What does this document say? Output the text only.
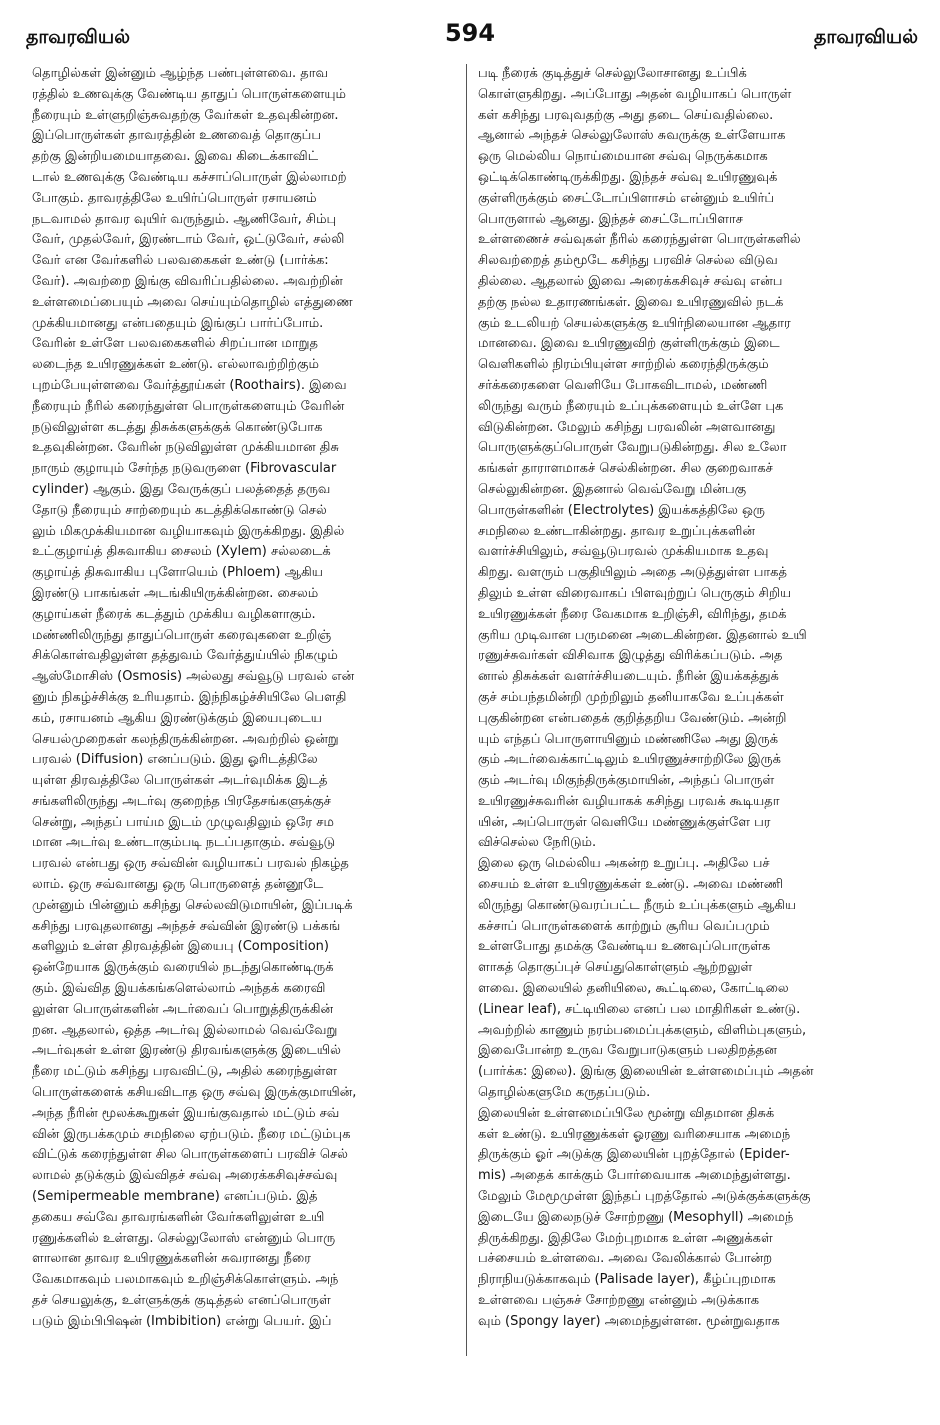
தாவரவியல்	594	தாவரவியல்
தொழில்கள் இன்னும் ஆழ்ந்த பண்புள்ளவை. தாவ
ரத்தில் உணவுக்கு வேண்டிய தாதுப் பொருள்களையும்
நீரையும் உள்ளுறிஞ்சுவதற்கு வேர்கள் உதவுகின்றன.
இப்பொருள்கள் தாவரத்தின் உணவைத் தொகுப்ப
தற்கு இன்றியமையாதவை. இவை கிடைக்காவிட்
டால் உணவுக்கு வேண்டிய கச்சாப்பொருள் இல்லாமற்
போகும். தாவரத்திலே உயிர்ப்பொருள் ரசாயனம்
நடவாமல் தாவர வுயிர் வருந்தும். ஆணிவேர், சிம்பு
வேர், முதல்வேர், இரண்டாம் வேர், ஒட்டுவேர், சல்லி
வேர் என வேர்களில் பலவகைகள் உண்டு (பார்க்க:
வேர்). அவற்றை இங்கு விவரிப்பதில்லை. அவற்றின்
உள்ளமைப்பையும் அவை செய்யும்தொழில் எத்துணை
முக்கியமானது என்பதையும் இங்குப் பார்ப்போம்.
வேரின் உள்ளே பலவகைகளில் சிறப்பான மாறுத
லடைந்த உயிரணுக்கள் உண்டு. எல்லாவற்றிற்கும்
புறம்பேயுள்ளவை வேர்த்தூய்கள் (Roothairs). இவை
நீரையும் நீரில் கரைந்துள்ள பொருள்களையும் வேரின்
நடுவிலுள்ள கடத்து திசுக்களுக்குக் கொண்டுபோக
உதவுகின்றன. வேரின் நடுவிலுள்ள முக்கியமான திசு
நாரும் குழாயும் சேர்ந்த நடுவருளை (Fibrovascular
cylinder) ஆகும். இது வேருக்குப் பலத்தைத் தருவ
தோடு நீரையும் சாற்றையும் கடத்திக்கொண்டு செல்
லும் மிகமுக்கியமான வழியாகவும் இருக்கிறது. இதில்
உட்குழாய்த் திசுவாகிய சைலம் (Xylem) சல்லடைக்
குழாய்த் திசுவாகிய புளோயெம் (Phloem) ஆகிய
இரண்டு பாகங்கள் அடங்கியிருக்கின்றன. சைலம்
குழாய்கள் நீரைக் கடத்தும் முக்கிய வழிகளாகும்.
மண்ணிலிருந்து தாதுப்பொருள் கரைவுகளை உறிஞ்
சிக்கொள்வதிலுள்ள தத்துவம் வேர்த்துய்யில் நிகழும்
ஆஸ்மோசிஸ் (Osmosis) அல்லது சவ்வூடு பரவல் என்
னும் நிகழ்ச்சிக்கு உரியதாம். இந்நிகழ்ச்சியிலே பௌதி
கம், ரசாயனம் ஆகிய இரண்டுக்கும் இயைபுடைய
செயல்முறைகள் கலந்திருக்கின்றன. அவற்றில் ஒன்று
பரவல் (Diffusion) எனப்படும். இது ஓரிடத்திலே
யுள்ள திரவத்திலே பொருள்கள் அடர்வுமிக்க இடத்
சங்களிலிருந்து அடர்வு குறைந்த பிரதேசங்களுக்குச்
சென்று, அந்தப் பாய்ம இடம் முழுவதிலும் ஒரே சம
மான அடர்வு உண்டாகும்படி நடப்பதாகும். சவ்வூடு
பரவல் என்பது ஒரு சவ்வின் வழியாகப் பரவல் நிகழ்த
லாம். ஒரு சவ்வானது ஒரு பொருளைத் தன்னூடே
முன்னும் பின்னும் கசிந்து செல்லவிடுமாயின், இப்படிக்
கசிந்து பரவுதலானது அந்தச் சவ்வின் இரண்டு பக்கங்
களிலும் உள்ள திரவத்தின் இயைபு (Composition)
ஒன்றேயாக இருக்கும் வரையில் நடந்துகொண்டிருக்
கும். இவ்வித இயக்கங்களெல்லாம் அந்தக் கரைவி
லுள்ள பொருள்களின் அடர்வைப் பொறுத்திருக்கின்
றன. ஆதலால், ஒத்த அடர்வு இல்லாமல் வெவ்வேறு
அடர்வுகள் உள்ள இரண்டு திரவங்களுக்கு இடையில்
நீரை மட்டும் கசிந்து பரவவிட்டு, அதில் கரைந்துள்ள
பொருள்களைக் கசியவிடாத ஒரு சவ்வு இருக்குமாயின்,
அந்த நீரின் மூலக்கூறுகள் இயங்குவதால் மட்டும் சவ்
வின் இருபக்கமும் சமநிலை ஏற்படும். நீரை மட்டும்புக
விட்டுக் கரைந்துள்ள சில பொருள்களைப் பரவிச் செல்
லாமல் தடுக்கும் இவ்விதச் சவ்வு அரைக்கசிவுச்சவ்வு
(Semipermeable membrane) எனப்படும். இத்
தகைய சவ்வே தாவரங்களின் வேர்களிலுள்ள உயி
ரணுக்களில் உள்ளது. செல்லுலோஸ் என்னும் பொரு
ளாலான தாவர உயிரணுக்களின் சுவரானது நீரை
வேகமாகவும் பலமாகவும் உறிஞ்சிக்கொள்ளும். அந்
தச் செயலுக்கு, உள்ளுக்குக் குடித்தல் எனப்பொருள்
படும் இம்பிபிஷன் (Imbibition) என்று பெயர். இப்
படி நீரைக் குடித்துச் செல்லுலோசானது உப்பிக்
கொள்ளுகிறது. அப்போது அதன் வழியாகப் பொருள்
கள் கசிந்து பரவுவதற்கு அது தடை செய்வதில்லை.
ஆனால் அந்தச் செல்லுலோஸ் சுவருக்கு உள்ளேயாக
ஒரு மெல்லிய நொய்மையான சவ்வு நெருக்கமாக
ஒட்டிக்கொண்டிருக்கிறது. இந்தச் சவ்வு உயிரணுவுக்
குள்ளிருக்கும் சைட்டோப்பிளாசம் என்னும் உயிர்ப்
பொருளால் ஆனது. இந்தச் சைட்டோப்பிளாச
உள்ளணைச் சவ்வுகள் நீரில் கரைந்துள்ள பொருள்களில்
சிலவற்றைத் தம்மூடே கசிந்து பரவிச் செல்ல விடுவ
தில்லை. ஆதலால் இவை அரைக்கசிவுச் சவ்வு என்ப
தற்கு நல்ல உதாரணங்கள். இவை உயிரணுவில் நடக்
கும் உடலியற் செயல்களுக்கு உயிர்நிலையான ஆதார
மானவை. இவை உயிரணுவிற் குள்ளிருக்கும் இடை
வெளிகளில் நிரம்பியுள்ள சாற்றில் கரைந்திருக்கும்
சர்க்கரைகளை வெளியே போகவிடாமல், மண்ணி
லிருந்து வரும் நீரையும் உப்புக்களையும் உள்ளே புக
விடுகின்றன. மேலும் கசிந்து பரவலின் அளவானது
பொருளுக்குப்பொருள் வேறுபடுகின்றது. சில உலோ
கங்கள் தாராளமாகச் செல்கின்றன. சில குறைவாகச்
செல்லுகின்றன. இதனால் வெவ்வேறு மின்பகு
பொருள்களின் (Electrolytes) இயக்கத்திலே ஒரு
சமநிலை உண்டாகின்றது. தாவர உறுப்புக்களின்
வளர்ச்சியிலும், சவ்வூடுபரவல் முக்கியமாக உதவு
கிறது. வளரும் பகுதியிலும் அதை அடுத்துள்ள பாகத்
திலும் உள்ள விரைவாகப் பிளவுற்றுப் பெருகும் சிறிய
உயிரணுக்கள் நீரை வேகமாக உறிஞ்சி, விரிந்து, தமக்
குரிய முடிவான பருமனை அடைகின்றன. இதனால் உயி
ரணுச்சுவர்கள் விசிவாக இழுத்து விரிக்கப்படும். அத
னால் திசுக்கள் வளர்ச்சியடையும். நீரின் இயக்கத்துக்
குச் சம்பந்தமின்றி முற்றிலும் தனியாகவே உப்புக்கள்
புகுகின்றன என்பதைக் குறித்தறிய வேண்டும். அன்றி
யும் எந்தப் பொருளாயினும் மண்ணிலே அது இருக்
கும் அடர்வைக்காட்டிலும் உயிரணுச்சாற்றிலே இருக்
கும் அடர்வு மிகுந்திருக்குமாயின், அந்தப் பொருள்
உயிரணுச்சுவரின் வழியாகக் கசிந்து பரவக் கூடியதா
யின், அப்பொருள் வெளியே மண்ணுக்குள்ளே பர
விச்செல்ல நேரிடும்.
இலை ஒரு மெல்லிய அகன்ற உறுப்பு. அதிலே பச்
சையம் உள்ள உயிரணுக்கள் உண்டு. அவை மண்ணி
லிருந்து கொண்டுவரப்பட்ட நீரும் உப்புக்களும் ஆகிய
கச்சாப் பொருள்களைக் காற்றும் சூரிய வெப்பமும்
உள்ளபோது தமக்கு வேண்டிய உணவுப்பொருள்க
ளாகத் தொகுப்புச் செய்துகொள்ளும் ஆற்றலுள்
ளவை. இலையில் தனியிலை, கூட்டிலை, கோட்டிலை
(Linear leaf), சட்டியிலை எனப் பல மாதிரிகள் உண்டு.
அவற்றில் காணும் நரம்பமைப்புக்களும், விளிம்புகளும்,
இவைபோன்ற உருவ வேறுபாடுகளும் பலதிறத்தன
(பார்க்க: இலை). இங்கு இலையின் உள்ளமைப்பும் அதன்
தொழில்களுமே கருதப்படும்.
இலையின் உள்ளமைப்பிலே மூன்று விதமான திசுக்
கள் உண்டு. உயிரணுக்கள் ஓரணு வரிசையாக அமைந்
திருக்கும் ஓர் அடுக்கு இலையின் புறத்தோல் (Epider-
mis) அதைக் காக்கும் போர்வையாக அமைந்துள்ளது.
மேலும் மேமூமுள்ள இந்தப் புறத்தோல் அடுக்குக்களுக்கு
இடையே இலைநடுச் சோற்றணு (Mesophyll) அமைந்
திருக்கிறது. இதிலே மேற்புறமாக உள்ள அணுக்கள்
பச்சையம் உள்ளவை. அவை வேலிக்கால் போன்ற
நிராநியடுக்காகவும் (Palisade layer), கீழ்ப்புறமாக
உள்ளவை பஞ்சுச் சோற்றணு என்னும் அடுக்காக
வும் (Spongy layer) அமைந்துள்ளன. மூன்றுவதாக
